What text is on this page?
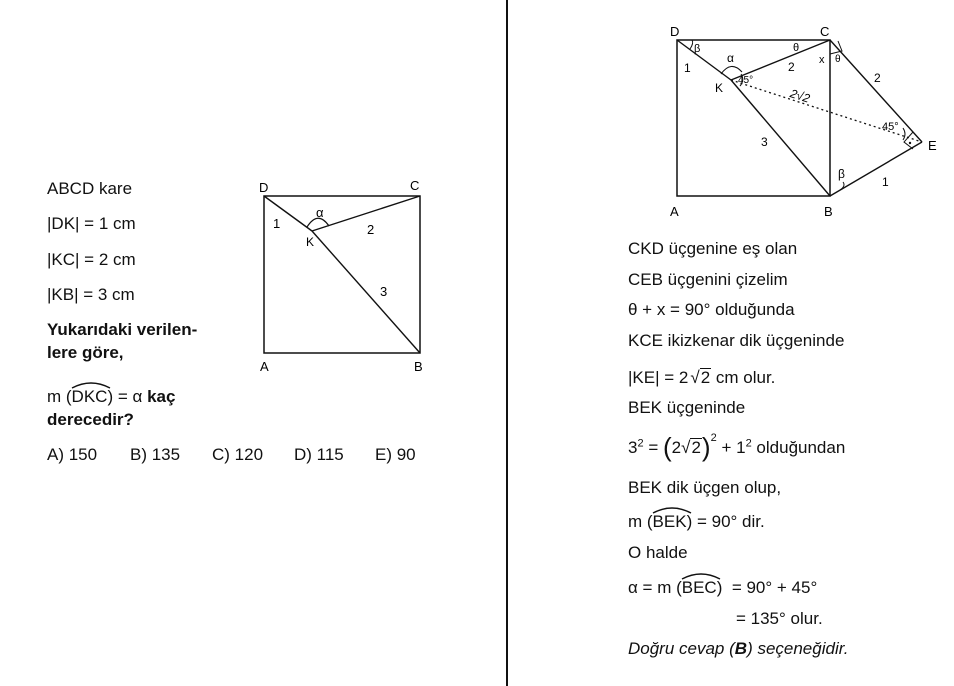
ABCD kare
|DK| = 1 cm
|KC| = 2 cm
|KB| = 3 cm
Yukarıdaki verilen-
lere göre,
m (
DKC) = α kaç
derecedir?
A) 150 B) 135 C) 120 D) 115 E) 90
D	C
A	B
K
1	2
3
α
D	C
A	B
K
E
1	2
3
2
1
2√2
β
α
45°
θ
x θ
45°
β
CKD üçgenine eş olan
CEB üçgenini çizelim
θ + x = 90° olduğunda
KCE ikizkenar dik üçgeninde
|KE| = 2 √2 cm olur.
BEK üçgeninde
$3^2 = (2√2)^2 + 1^2$ olduğundan
BEK dik üçgen olup,
m (
BEK) = 90° dir.
O halde
α = m (
BEC)  = 90° + 45°
= 135° olur.
Doğru cevap (B) seçeneğidir.
